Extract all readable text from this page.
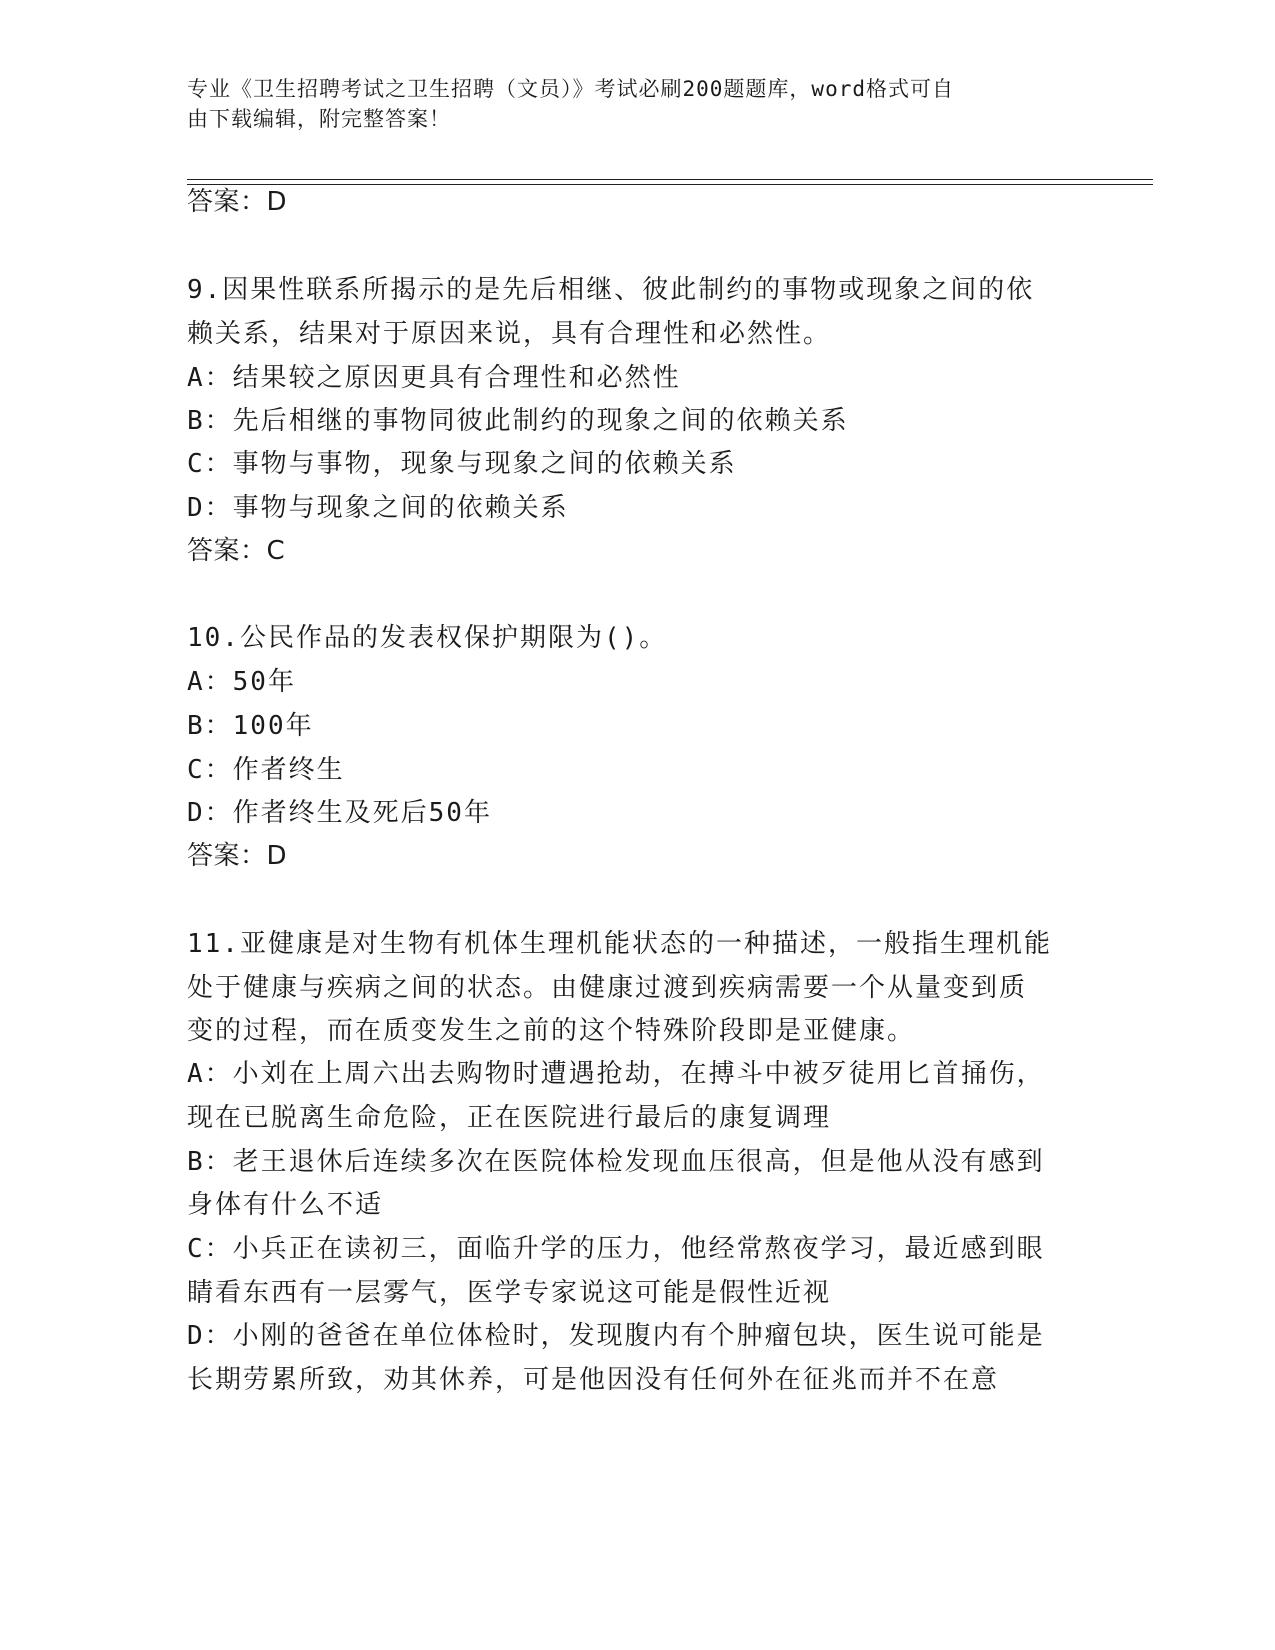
专业《卫生招聘考试之卫生招聘（文员）》考试必刷200题题库，word格式可自
由下载编辑，附完整答案！
答案：D
9.因果性联系所揭示的是先后相继、彼此制约的事物或现象之间的依
赖关系，结果对于原因来说，具有合理性和必然性。
A：结果较之原因更具有合理性和必然性
B：先后相继的事物同彼此制约的现象之间的依赖关系
C：事物与事物，现象与现象之间的依赖关系
D：事物与现象之间的依赖关系
答案：C
10.公民作品的发表权保护期限为()。
A：50年
B：100年
C：作者终生
D：作者终生及死后50年
答案：D
11.亚健康是对生物有机体生理机能状态的一种描述，一般指生理机能
处于健康与疾病之间的状态。由健康过渡到疾病需要一个从量变到质
变的过程，而在质变发生之前的这个特殊阶段即是亚健康。
A：小刘在上周六出去购物时遭遇抢劫，在搏斗中被歹徒用匕首捅伤，
现在已脱离生命危险，正在医院进行最后的康复调理
B：老王退休后连续多次在医院体检发现血压很高，但是他从没有感到
身体有什么不适
C：小兵正在读初三，面临升学的压力，他经常熬夜学习，最近感到眼
睛看东西有一层雾气，医学专家说这可能是假性近视
D：小刚的爸爸在单位体检时，发现腹内有个肿瘤包块，医生说可能是
长期劳累所致，劝其休养，可是他因没有任何外在征兆而并不在意
